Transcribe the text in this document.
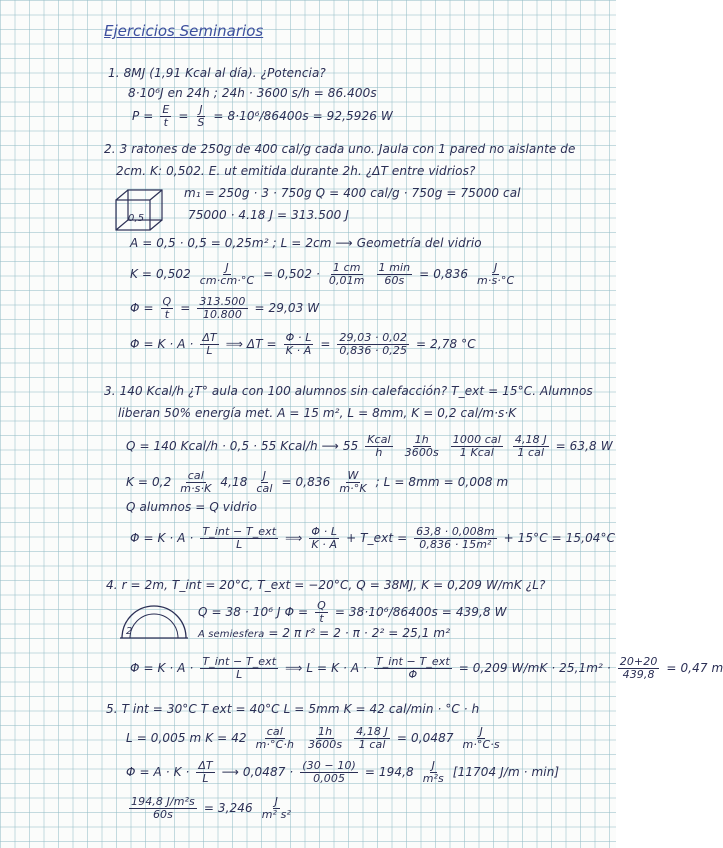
Ejercicios Seminarios
1. 8MJ (1,91 Kcal al día). ¿Potencia?
8·10⁶J en 24h ; 24h · 3600 s/h = 86.400s
$P = \frac{E}{t} = \frac{J}{S} = 8\cdot 10^6/86400s = 92,5926$ W
2. 3 ratones de 250g de 400 cal/g cada uno. Jaula con 1 pared no aislante de
2cm. K: 0,502. E. ut emitida durante 2h. ¿ΔT entre vidrios?
0,5
m₁ = 250g · 3 · 750g Q = 400 cal/g · 750g = 75000 cal
75000 · 4.18 J = 313.500 J
A = 0,5 · 0,5 = 0,25m² ; L = 2cm ⟶ Geometría del vidrio
$K = 0,502 \frac{J}{cm\cdot cm\cdot^\circ C} = 0,502 \cdot \frac{1 cm}{0,01m}$
$\frac{1 \min}{60s} = 0,836 \frac{J}{m\cdot s\cdot^\circ C}$
$\Phi = \frac{Q}{t} = \frac{313.500}{10.800} = 29,03$ W
$\Phi = K \cdot A \cdot \frac{\Delta T}{L}$ ⟹ $\Delta T = \frac{\Phi \cdot L}{K \cdot A} = \frac{29,03 \cdot 0,02}{0,836 \cdot 0,25} = 2,78$ °C
3. 140 Kcal/h ¿T° aula con 100 alumnos sin calefacción? T_ext = 15°C. Alumnos
liberan 50% energía met. A = 15 m², L = 8mm, K = 0,2 cal/m·s·K
Q = 140 Kcal/h · 0,5 · 55 Kcal/h ⟶ $55 \frac{\text{Kcal}}{h}$
$\frac{1h}{3600s}$
$\frac{\text{1000 cal}}{\text{1 Kcal}}$
$\frac{4,18 J}{\text{1 cal}} = 63,8$ W
$K = 0,2 \frac{\text{cal}}{m\cdot s\cdot K} 4,18 \frac{J}{\text{cal}} = 0,836 \frac{W}{m\cdot^\circ K}$ ; L = 8mm = 0,008 m
Q alumnos = Q vidrio
$\Phi = K \cdot A \cdot \frac{\text{T\_int − T\_ext}}{L}$ ⟹ $\frac{\Phi \cdot L}{K \cdot A}$ + T_ext = $\frac{63,8 \cdot 0,008m}{\text{0,836 · 15m²}} + 15^\circ C = 15,04^\circ C$
4. r = 2m, T_int = 20°C, T_ext = −20°C, Q = 38MJ, K = 0,209 W/mK ¿L?
2
Q = 38 · 10⁶ J $\Phi = \frac{Q}{t} = 38\cdot 10^6/86400s = 439,8$ W
A semiesfera = 2 π r² = 2 · π · 2² = 25,1 m²
$\Phi = K \cdot A \cdot \frac{\text{T\_int − T\_ext}}{L}$ ⟹ $L = K \cdot A \cdot \frac{\text{T\_int − T\_ext}}{\Phi} = 0,209$ $W/mK \cdot 25,1m^2 \cdot \frac{20+20}{439,8} = 0,47$ m
5. T int = 30°C T ext = 40°C L = 5mm K = 42 cal/min · °C · h
L = 0,005 m $K = 42 \frac{\text{cal}}{m\cdot^\circ C\cdot h}$
$\frac{1h}{3600s}$
$\frac{4,18 J}{\text{1 cal}} = 0,0487 \frac{J}{m\cdot^\circ C\cdot s}$
$\Phi = A \cdot K \cdot \frac{\Delta T}{L}$ ⟶ $0,0487 \cdot \frac{(30 - 10)}{0,005} = 194,8 \frac{J}{\text{m²s}} [11704$ J/m · min]
$\frac{\text{194,8 J/m²s}}{60s} = 3,246 \frac{J}{\text{m² s²}}$
